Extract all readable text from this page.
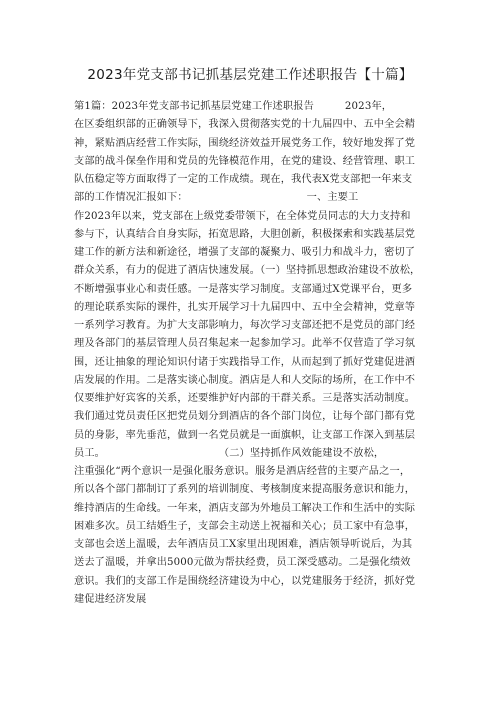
2023年党支部书记抓基层党建工作述职报告【十篇】
第1篇：2023年党支部书记抓基层党建工作述职报告　　　2023年，
在区委组织部的正确领导下，我深入贯彻落实党的十九届四中、五中全会精
神，紧贴酒店经营工作实际，围绕经济效益开展党务工作，较好地发挥了党
支部的战斗保垒作用和党员的先锋模范作用，在党的建设、经营管理、职工
队伍稳定等方面取得了一定的工作成绩。现在，我代表X党支部把一年来支
部的工作情况汇报如下：　　　　　　　　　　　　一、主要工
作2023年以来，党支部在上级党委带领下，在全体党员同志的大力支持和
参与下，认真结合自身实际，拓宽思路，大胆创新，积极探索和实践基层党
建工作的新方法和新途径，增强了支部的凝聚力、吸引力和战斗力，密切了
群众关系，有力的促进了酒店快速发展。（一）坚持抓思想政治建设不放松，
不断增强事业心和责任感。一是落实学习制度。支部通过X党课平台，更多
的理论联系实际的课件，扎实开展学习十九届四中、五中全会精神，党章等
一系列学习教育。为扩大支部影响力，每次学习支部还把不是党员的部门经
理及各部门的基层管理人员召集起来一起参加学习。此举不仅营造了学习氛
围，还让抽象的理论知识付诸于实践指导工作，从而起到了抓好党建促进酒
店发展的作用。二是落实谈心制度。酒店是人和人交际的场所，在工作中不
仅要维护好宾客的关系，还要维护好内部的干群关系。三是落实活动制度。
我们通过党员责任区把党员划分到酒店的各个部门岗位，让每个部门都有党
员的身影，率先垂范，做到一名党员就是一面旗帜，让支部工作深入到基层
员工。　　　　　　　　　　　　（二）坚持抓作风效能建设不放松，
注重强化“两个意识一是强化服务意识。服务是酒店经营的主要产品之一，
所以各个部门都制订了系列的培训制度、考核制度来提高服务意识和能力，
维持酒店的生命线。一年来，酒店支部为外地员工解决工作和生活中的实际
困难多次。员工结婚生子，支部会主动送上祝福和关心；员工家中有急事，
支部也会送上温暖，去年酒店员工X家里出现困难，酒店领导听说后，为其
送去了温暖，并拿出5000元做为帮扶经费，员工深受感动。二是强化绩效
意识。我们的支部工作是围绕经济建设为中心，以党建服务于经济，抓好党
建促进经济发展
